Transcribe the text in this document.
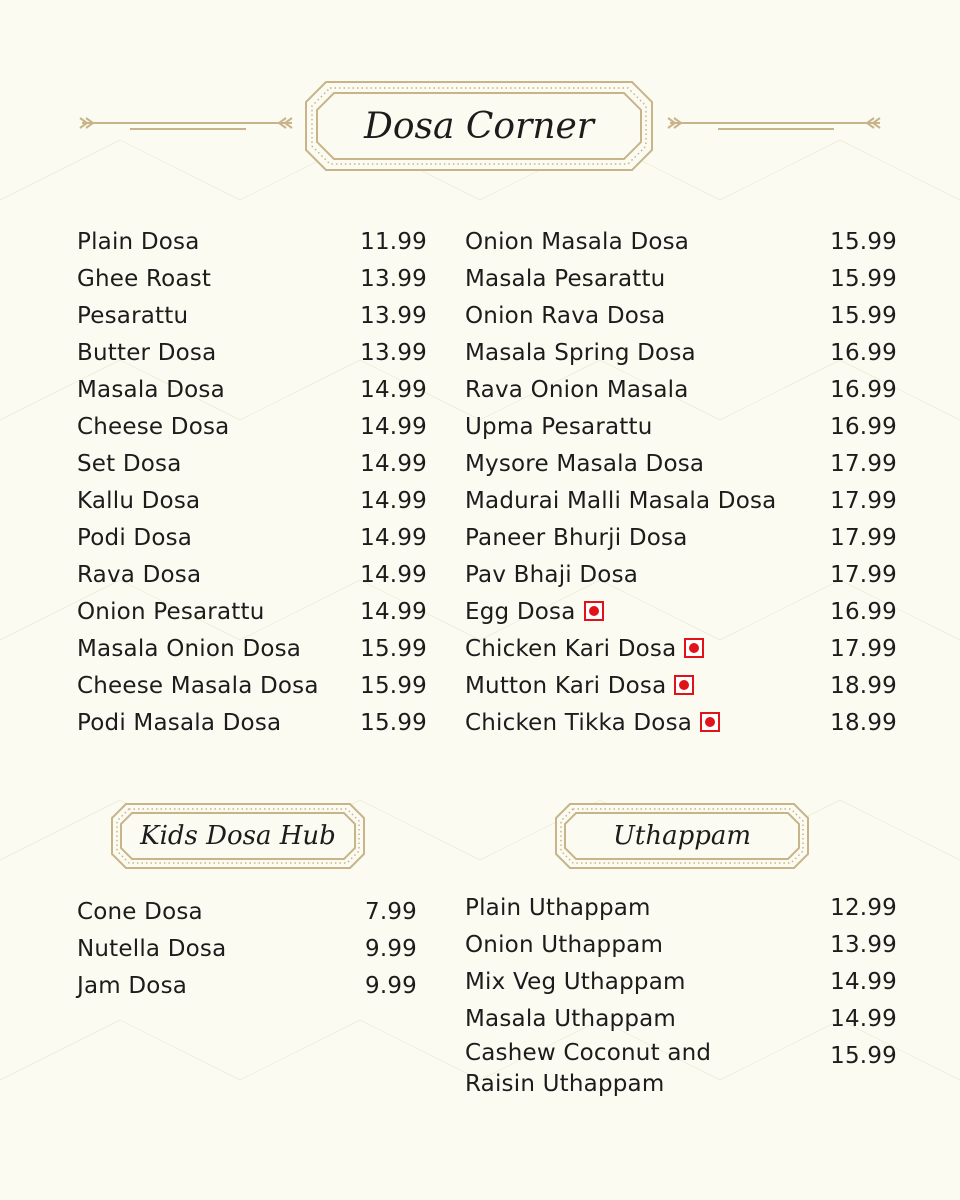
Dosa Corner
Plain Dosa	11.99
Ghee Roast	13.99
Pesarattu	13.99
Butter Dosa	13.99
Masala Dosa	14.99
Cheese Dosa	14.99
Set Dosa	14.99
Kallu Dosa	14.99
Podi Dosa	14.99
Rava Dosa	14.99
Onion Pesarattu	14.99
Masala Onion Dosa	15.99
Cheese Masala Dosa 15.99
Podi Masala Dosa	15.99
Onion Masala Dosa	15.99
Masala Pesarattu	15.99
Onion Rava Dosa	15.99
Masala Spring Dosa	16.99
Rava Onion Masala	16.99
Upma Pesarattu	16.99
Mysore Masala Dosa	17.99
Madurai Malli Masala Dosa 17.99
Paneer Bhurji Dosa	17.99
Pav Bhaji Dosa	17.99
Egg Dosa	16.99
Chicken Kari Dosa	17.99
Mutton Kari Dosa	18.99
Chicken Tikka Dosa	18.99
Kids Dosa Hub
Cone Dosa	7.99
Nutella Dosa	9.99
Jam Dosa	9.99
Uthappam
Plain Uthappam	12.99
Onion Uthappam	13.99
Mix Veg Uthappam	14.99
Masala Uthappam	14.99
Cashew Coconut and Raisin Uthappam
15.99
